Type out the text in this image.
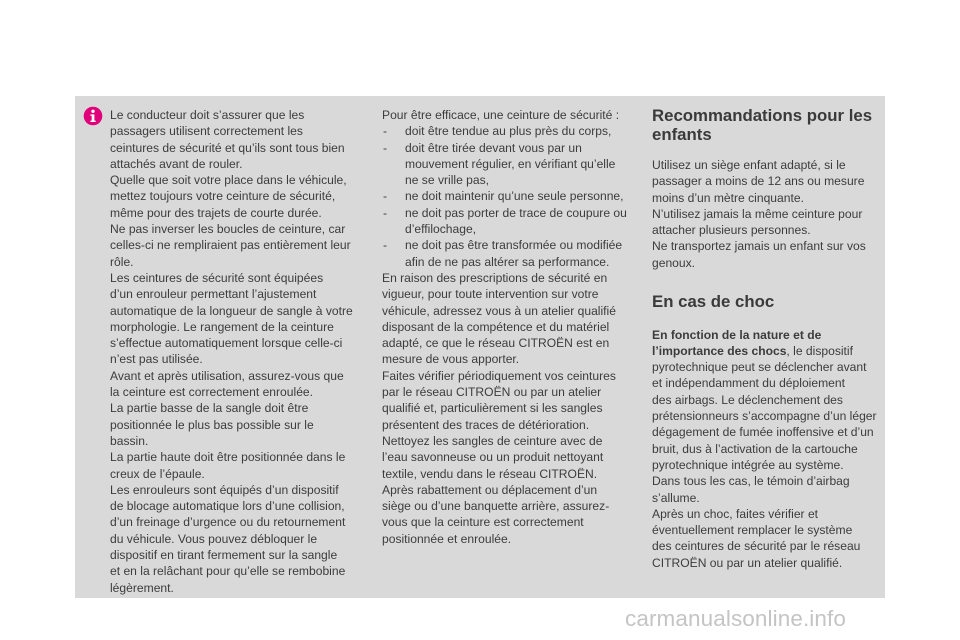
Le conducteur doit s’assurer que les
passagers utilisent correctement les
ceintures de sécurité et qu’ils sont tous bien
attachés avant de rouler.
Quelle que soit votre place dans le véhicule,
mettez toujours votre ceinture de sécurité,
même pour des trajets de courte durée.
Ne pas inverser les boucles de ceinture, car
celles-ci ne rempliraient pas entièrement leur
rôle.
Les ceintures de sécurité sont équipées
d’un enrouleur permettant l’ajustement
automatique de la longueur de sangle à votre
morphologie. Le rangement de la ceinture
s’effectue automatiquement lorsque celle-ci
n’est pas utilisée.
Avant et après utilisation, assurez-vous que
la ceinture est correctement enroulée.
La partie basse de la sangle doit être
positionnée le plus bas possible sur le
bassin.
La partie haute doit être positionnée dans le
creux de l’épaule.
Les enrouleurs sont équipés d’un dispositif
de blocage automatique lors d’une collision,
d’un freinage d’urgence ou du retournement
du véhicule. Vous pouvez débloquer le
dispositif en tirant fermement sur la sangle
et en la relâchant pour qu’elle se rembobine
légèrement.
Pour être efficace, une ceinture de sécurité :
- doit être tendue au plus près du corps,
- doit être tirée devant vous par un
mouvement régulier, en vérifiant qu’elle
ne se vrille pas,
- ne doit maintenir qu’une seule personne,
- ne doit pas porter de trace de coupure ou
d’effilochage,
- ne doit pas être transformée ou modifiée
afin de ne pas altérer sa performance.
En raison des prescriptions de sécurité en
vigueur, pour toute intervention sur votre
véhicule, adressez vous à un atelier qualifié
disposant de la compétence et du matériel
adapté, ce que le réseau CITROËN est en
mesure de vous apporter.
Faites vérifier périodiquement vos ceintures
par le réseau CITROËN ou par un atelier
qualifié et, particulièrement si les sangles
présentent des traces de détérioration.
Nettoyez les sangles de ceinture avec de
l’eau savonneuse ou un produit nettoyant
textile, vendu dans le réseau CITROËN.
Après rabattement ou déplacement d’un
siège ou d’une banquette arrière, assurez-
vous que la ceinture est correctement
positionnée et enroulée.
Recommandations pour les
enfants
Utilisez un siège enfant adapté, si le
passager a moins de 12 ans ou mesure
moins d’un mètre cinquante.
N’utilisez jamais la même ceinture pour
attacher plusieurs personnes.
Ne transportez jamais un enfant sur vos
genoux.
En cas de choc
En fonction de la nature et de
l’importance des chocs, le dispositif
pyrotechnique peut se déclencher avant
et indépendamment du déploiement
des airbags. Le déclenchement des
prétensionneurs s’accompagne d’un léger
dégagement de fumée inoffensive et d’un
bruit, dus à l’activation de la cartouche
pyrotechnique intégrée au système.
Dans tous les cas, le témoin d’airbag
s’allume.
Après un choc, faites vérifier et
éventuellement remplacer le système
des ceintures de sécurité par le réseau
CITROËN ou par un atelier qualifié.
carmanualsonline.info
